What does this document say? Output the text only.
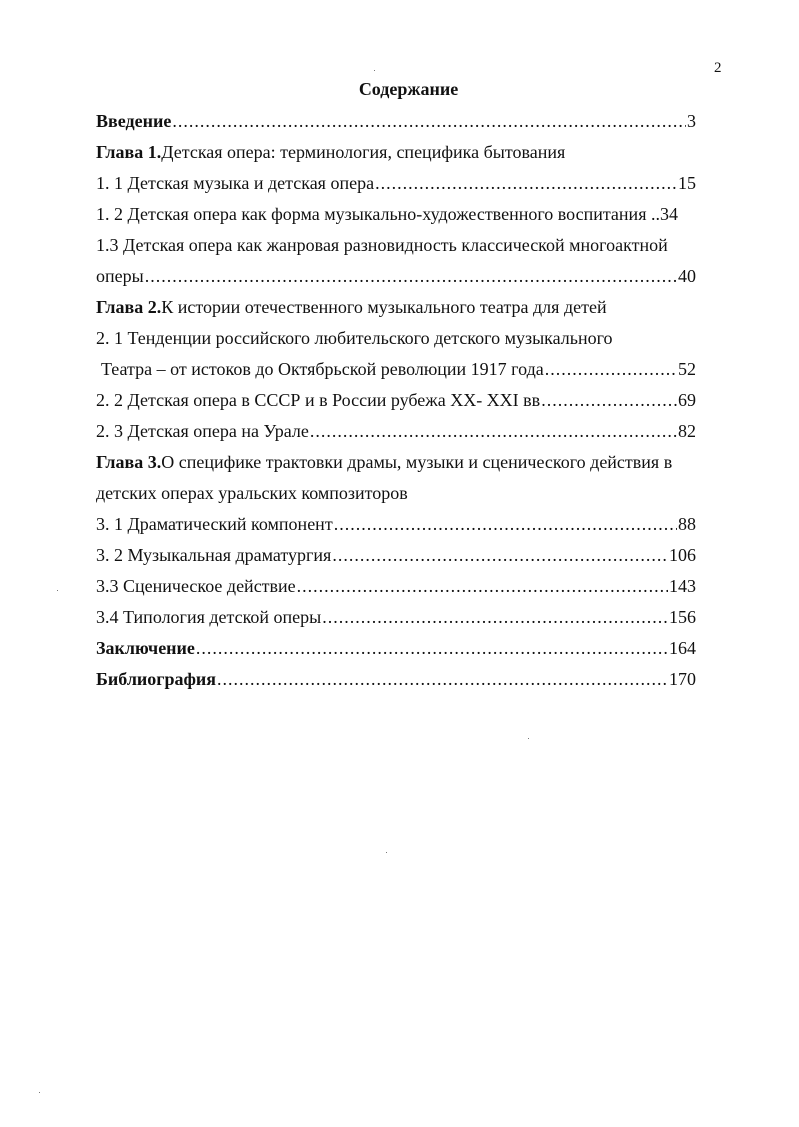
2
Содержание
Введение .....	3
Глава 1. Детская опера: терминология, специфика бытования
1. 1 Детская музыка и детская опера .....	15
1. 2 Детская опера как форма музыкально-художественного воспитания .. 34
1.3 Детская опера как жанровая разновидность классической многоактной
оперы .....	40
Глава 2. К истории отечественного музыкального театра для детей
2. 1 Тенденции российского любительского детского музыкального
Театра – от истоков до Октябрьской революции 1917 года .....	52
2. 2 Детская опера в СССР и в России рубежа XX- XXI вв .....	69
2. 3 Детская опера на Урале .....	82
Глава 3. О специфике трактовки драмы, музыки и сценического действия в
детских операх уральских композиторов
3. 1 Драматический компонент .....	88
3. 2 Музыкальная драматургия .....	106
3.3 Сценическое действие .....	143
3.4 Типология детской оперы .....	156
Заключение .....	164
Библиография .....	170
